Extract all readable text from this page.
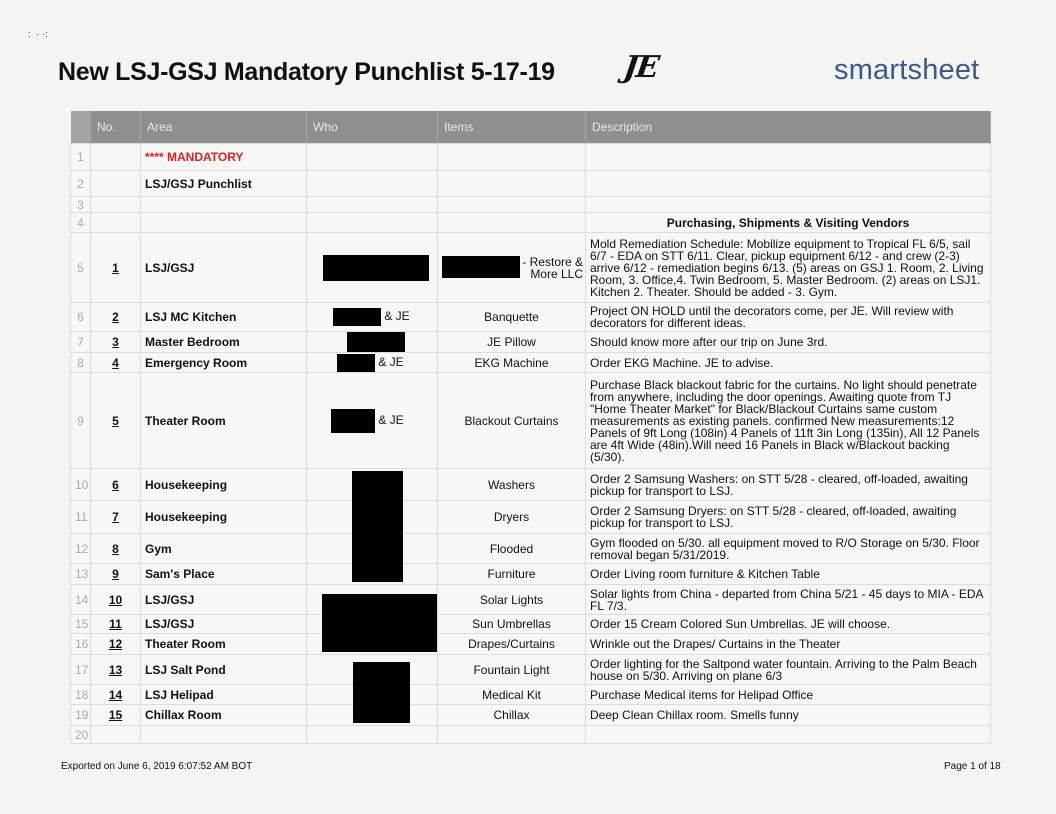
∶  ⋅ ⋅∶
New LSJ-GSJ Mandatory Punchlist 5-17-19 JE	smartsheet
	No.	Area	Who	Items	Description
1		**** MANDATORY			
2		LSJ/GSJ Punchlist			
3					
4					Purchasing, Shipments & Visiting Vendors
5	1	LSJ/GSJ		- Restore & More LLC	Mold Remediation Schedule: Mobilize equipment to Tropical FL 6/5, sail 6/7 - EDA on STT 6/11. Clear, pickup equipment 6/12 - and crew (2-3) arrive 6/12 - remediation begins 6/13. (5) areas on GSJ 1. Room, 2. Living Room, 3. Office,4. Twin Bedroom, 5. Master Bedroom. (2) areas on LSJ1. Kitchen 2. Theater. Should be added - 3. Gym.
6	2	LSJ MC Kitchen	& JE	Banquette	Project ON HOLD until the decorators come, per JE. Will review with decorators for different ideas.
7	3	Master Bedroom		JE Pillow	Should know more after our trip on June 3rd.
8	4	Emergency Room	& JE	EKG Machine	Order EKG Machine. JE to advise.
9	5	Theater Room	& JE	Blackout Curtains	Purchase Black blackout fabric for the curtains. No light should penetrate from anywhere, including the door openings. Awaiting quote from TJ "Home Theater Market" for Black/Blackout Curtains same custom measurements as existing panels. confirmed New measurements:12 Panels of 9ft Long (108in) 4 Panels of 11ft 3in Long (135in), All 12 Panels are 4ft Wide (48in).Will need 16 Panels in Black w/Blackout backing (5/30).
10	6	Housekeeping		Washers	Order 2 Samsung Washers: on STT 5/28 - cleared, off-loaded, awaiting pickup for transport to LSJ.
11	7	Housekeeping		Dryers	Order 2 Samsung Dryers: on STT 5/28 - cleared, off-loaded, awaiting pickup for transport to LSJ.
12	8	Gym		Flooded	Gym flooded on 5/30. all equipment moved to R/O Storage on 5/30. Floor removal began 5/31/2019.
13	9	Sam's Place		Furniture	Order Living room furniture & Kitchen Table
14	10	LSJ/GSJ		Solar Lights	Solar lights from China - departed from China 5/21 - 45 days to MIA - EDA FL 7/3.
15	11	LSJ/GSJ		Sun Umbrellas	Order 15 Cream Colored Sun Umbrellas. JE will choose.
16	12	Theater Room		Drapes/Curtains	Wrinkle out the Drapes/ Curtains in the Theater
17	13	LSJ Salt Pond		Fountain Light	Order lighting for the Saltpond water fountain. Arriving to the Palm Beach house on 5/30. Arriving on plane 6/3
18	14	LSJ Helipad		Medical Kit	Purchase Medical items for Helipad Office
19	15	Chillax Room		Chillax	Deep Clean Chillax room. Smells funny
20					
Exported on June 6, 2019 6:07:52 AM BOT	Page 1 of 18
